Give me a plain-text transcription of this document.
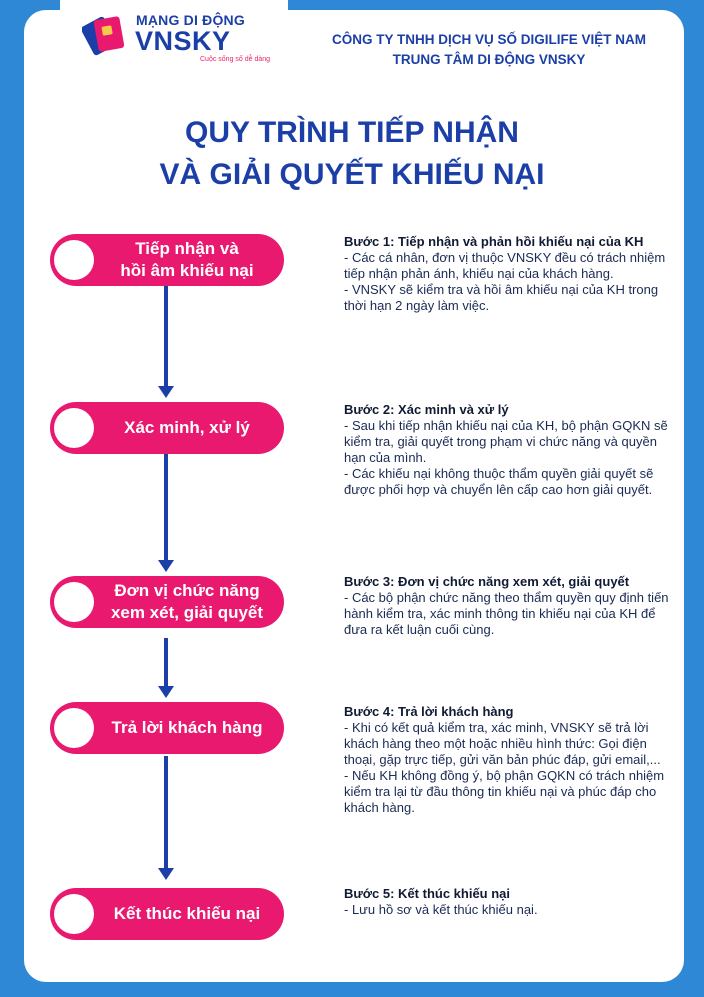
MẠNG DI ĐỘNG
VNSKY
Cuộc sống số dễ dàng
CÔNG TY TNHH DỊCH VỤ SỐ DIGILIFE VIỆT NAM
TRUNG TÂM DI ĐỘNG VNSKY
QUY TRÌNH TIẾP NHẬN
VÀ GIẢI QUYẾT KHIẾU NẠI
Tiếp nhận và
hồi âm khiếu nại
Xác minh, xử lý
Đơn vị chức năng
xem xét, giải quyết
Trả lời khách hàng
Kết thúc khiếu nại
Bước 1: Tiếp nhận và phản hồi khiếu nại của KH
- Các cá nhân, đơn vị thuộc VNSKY đều có trách nhiệm tiếp nhận phản ánh, khiếu nại của khách hàng.
- VNSKY sẽ kiểm tra và hồi âm khiếu nại của KH trong thời hạn 2 ngày làm việc.
Bước 2: Xác minh và xử lý
- Sau khi tiếp nhận khiếu nại của KH, bộ phận GQKN sẽ kiểm tra, giải quyết trong phạm vi chức năng và quyền hạn của mình.
- Các khiếu nại không thuộc thẩm quyền giải quyết sẽ được phối hợp và chuyển lên cấp cao hơn giải quyết.
Bước 3: Đơn vị chức năng xem xét, giải quyết
- Các bộ phận chức năng theo thẩm quyền quy định tiến hành kiểm tra, xác minh thông tin khiếu nại của KH để đưa ra kết luận cuối cùng.
Bước 4: Trả lời khách hàng
- Khi có kết quả kiểm tra, xác minh, VNSKY sẽ trả lời khách hàng theo một hoặc nhiều hình thức: Gọi điện thoại, gặp trực tiếp, gửi văn bản phúc đáp, gửi email,...
- Nếu KH không đồng ý, bộ phận GQKN có trách nhiệm kiểm tra lại từ đầu thông tin khiếu nại và phúc đáp cho khách hàng.
Bước 5: Kết thúc khiếu nại
- Lưu hồ sơ và kết thúc khiếu nại.
